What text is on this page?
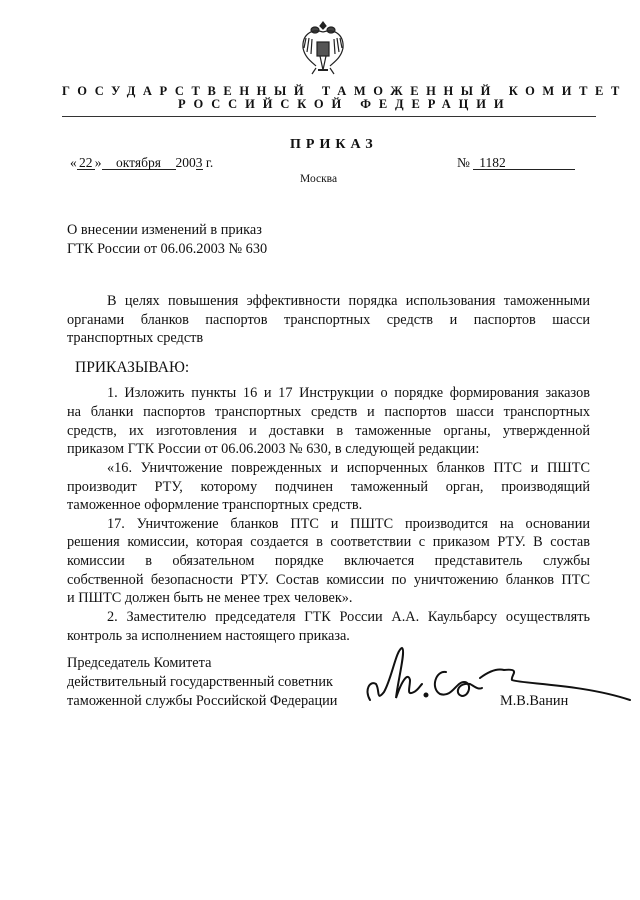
ГОСУДАРСТВЕННЫЙ ТАМОЖЕННЫЙ КОМИТЕТ
РОССИЙСКОЙ ФЕДЕРАЦИИ
ПРИКАЗ
« 22 » октября 2003 г.	№ 1182
Москва
О внесении изменений в приказ
ГТК России от 06.06.2003 № 630
В целях повышения эффективности порядка использования таможенными
органами бланков паспортов транспортных средств и паспортов шасси
транспортных средств
ПРИКАЗЫВАЮ:
1. Изложить пункты 16 и 17 Инструкции о порядке формирования заказов
на бланки паспортов транспортных средств и паспортов шасси транспортных
средств, их изготовления и доставки в таможенные органы, утвержденной
приказом ГТК России от 06.06.2003 № 630, в следующей редакции:
«16. Уничтожение поврежденных и испорченных бланков ПТС и ПШТС
производит РТУ, которому подчинен таможенный орган, производящий
таможенное оформление транспортных средств.
17. Уничтожение бланков ПТС и ПШТС производится на основании
решения комиссии, которая создается в соответствии с приказом РТУ. В состав
комиссии в обязательном порядке включается представитель службы
собственной безопасности РТУ. Состав комиссии по уничтожению бланков ПТС
и ПШТС должен быть не менее трех человек».
2. Заместителю председателя ГТК России А.А. Каульбарсу осуществлять
контроль за исполнением настоящего приказа.
Председатель Комитета
действительный государственный советник
таможенной службы Российской Федерации	М.В.Ванин
